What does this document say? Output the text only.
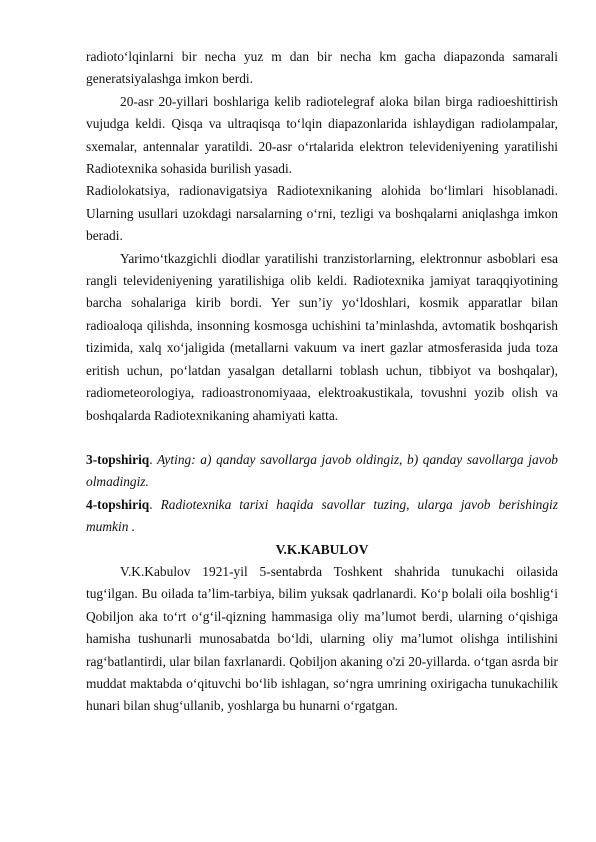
radioto‘lqinlarni bir necha yuz m dan bir necha km gacha diapazonda samarali generatsiyalashga imkon berdi.

20-asr 20-yillari boshlariga kelib radiotelegraf aloka bilan birga radioeshittirish vujudga keldi. Qisqa va ultraqisqa to‘lqin diapazonlarida ishlaydigan radiolampalar, sxemalar, antennalar yaratildi. 20-asr o‘rtalarida elektron televideniyening yaratilishi Radiotexnika sohasida burilish yasadi.

Radiolokatsiya, radionavigatsiya Radiotexnikaning alohida bo‘limlari hisoblanadi. Ularning usullari uzokdagi narsalarning o‘rni, tezligi va boshqalarni aniqlashga imkon beradi.

Yarimo‘tkazgichli diodlar yaratilishi tranzistorlarning, elektronnur asboblari esa rangli televideniyening yaratilishiga olib keldi. Radiotexnika jamiyat taraqqiyotining barcha sohalariga kirib bordi. Yer sun’iy yo‘ldoshlari, kosmik apparatlar bilan radioaloqa qilishda, insonning kosmosga uchishini ta’minlashda, avtomatik boshqarish tizimida, xalq xo‘jaligida (metallarni vakuum va inert gazlar atmosferasida juda toza eritish uchun, po‘latdan yasalgan detallarni toblash uchun, tibbiyot va boshqalar), radiometeorologiya, radioastronomiyaaa, elektroakustikala, tovushni yozib olish va boshqalarda Radiotexnikaning ahamiyati katta.

3-topshiriq. Ayting: a) qanday savollarga javob oldingiz, b) qanday savollarga javob olmadingiz.

4-topshiriq. Radiotexnika tarixi haqida savollar tuzing, ularga javob berishingiz mumkin .

V.K.KABULOV

V.K.Kabulov 1921-yil 5-sentabrda Toshkent shahrida tunukachi oilasida tug‘ilgan. Bu oilada ta’lim-tarbiya, bilim yuksak qadrlanardi. Ko‘p bolali oila boshlig‘i Qobiljon aka to‘rt o‘g‘il-qizning hammasiga oliy ma’lumot berdi, ularning o‘qishiga hamisha tushunarli munosabatda bo‘ldi, ularning oliy ma’lumot olishga intilishini rag‘batlantirdi, ular bilan faxrlanardi. Qobiljon akaning o'zi 20-yillarda. o‘tgan asrda bir muddat maktabda o‘qituvchi bo‘lib ishlagan, so‘ngra umrining oxirigacha tunukachilik hunari bilan shug‘ullanib, yoshlarga bu hunarni o‘rgatgan.
